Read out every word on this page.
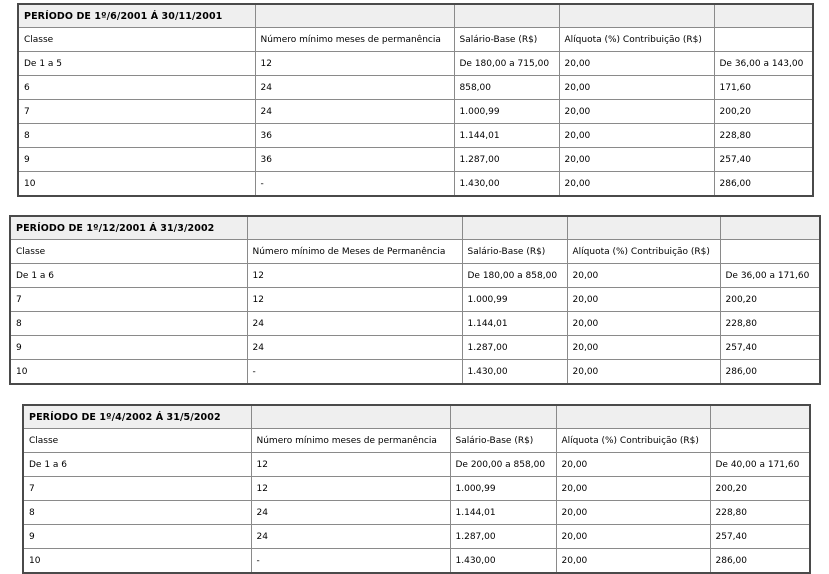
PERÍODO DE 1º/6/2001 Á 30/11/2001				
Classe	Número mínimo meses de permanência	Salário-Base (R$)	Alíquota (%) Contribuição (R$)	
De 1 a 5	12	De 180,00 a 715,00	20,00	De 36,00 a 143,00
6	24	858,00	20,00	171,60
7	24	1.000,99	20,00	200,20
8	36	1.144,01	20,00	228,80
9	36	1.287,00	20,00	257,40
10	-	1.430,00	20,00	286,00
PERÍODO DE 1º/12/2001 Á 31/3/2002				
Classe	Número mínimo de Meses de Permanência	Salário-Base (R$)	Alíquota (%) Contribuição (R$)	
De 1 a 6	12	De 180,00 a 858,00	20,00	De 36,00 a 171,60
7	12	1.000,99	20,00	200,20
8	24	1.144,01	20,00	228,80
9	24	1.287,00	20,00	257,40
10	-	1.430,00	20,00	286,00
PERÍODO DE 1º/4/2002 Á 31/5/2002				
Classe	Número mínimo meses de permanência	Salário-Base (R$)	Alíquota (%) Contribuição (R$)	
De 1 a 6	12	De 200,00 a 858,00	20,00	De 40,00 a 171,60
7	12	1.000,99	20,00	200,20
8	24	1.144,01	20,00	228,80
9	24	1.287,00	20,00	257,40
10	-	1.430,00	20,00	286,00
